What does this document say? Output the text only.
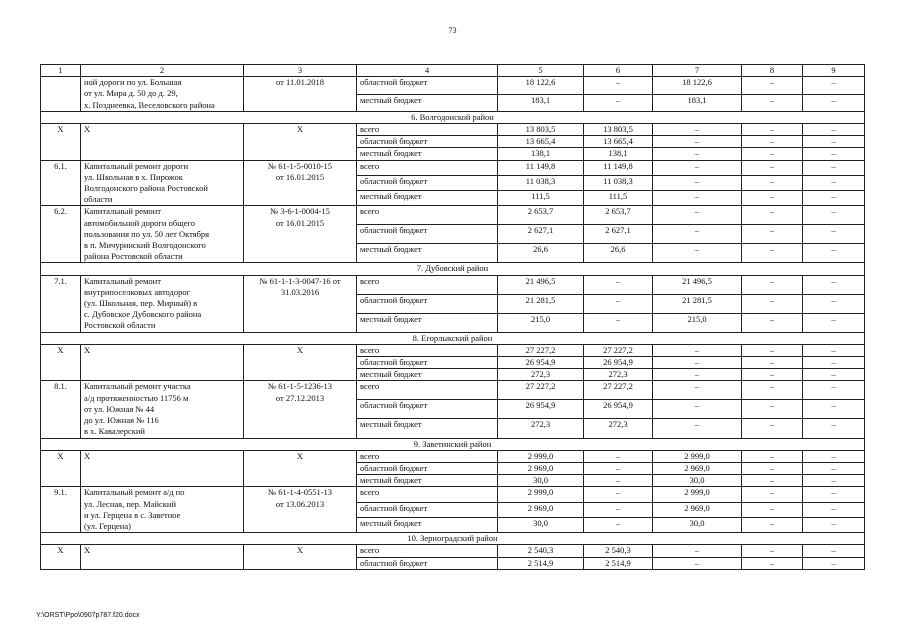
73
1	2	3	4	5	6	7	8	9

	ной дороги по ул. Большая
от ул. Мира д. 50 до д. 29,
х. Позднеевка, Веселовского района	от 11.01.2018	областной бюджет	18 122,6	–	18 122,6	–	–
			местный бюджет	183,1	–	183,1	–	–
6. Волгодонской район								
Х	Х	Х	всего	13 803,5	13 803,5	–	–	–
			областной бюджет	13 665,4	13 665,4	–	–	–
			местный бюджет	138,1	138,1	–	–	–
6.1.	Капитальный ремонт дороги
ул. Школьная в х. Пирожок
Волгодонского района Ростовской
области	№ 61-1-5-0010-15
от 16.01.2015	всего	11 149,8	11 149,8	–	–	–
			областной бюджет	11 038,3	11 038,3	–	–	–
			местный бюджет	111,5	111,5	–	–	–
6.2.	Капитальный ремонт
автомобильной дороги общего
пользования по ул. 50 лет Октября
в п. Мичуринский Волгодонского
района Ростовской области	№ 3-6-1-0004-15
от 16.01.2015	всего	2 653,7	2 653,7	–	–	–
			областной бюджет	2 627,1	2 627,1	–	–	–
			местный бюджет	26,6	26,6	–	–	–
7. Дубовский район								
7.1.	Капитальный ремонт
внутрипоселковых автодорог
(ул. Школьная, пер. Мирный) в
с. Дубовское Дубовского района
Ростовской области	№ 61-1-1-3-0047-16 от
31.03.2016	всего	21 496,5	–	21 496,5	–	–
			областной бюджет	21 281,5	–	21 281,5	–	–
			местный бюджет	215,0	–	215,0	–	–
8. Егорлыкский район								
Х	Х	Х	всего	27 227,2	27 227,2	–	–	–
			областной бюджет	26 954,9	26 954,9	–	–	–
			местный бюджет	272,3	272,3	–	–	–
8.1.	Капитальный ремонт участка
а/д протяженностью 11756 м
от ул. Южная № 44
до ул. Южная № 116
в х. Кавалерский	№ 61-1-5-1236-13
от 27.12.2013	всего	27 227,2	27 227,2	–	–	–
			областной бюджет	26 954,9	26 954,9	–	–	–
			местный бюджет	272,3	272,3	–	–	–
9. Заветинский район								
Х	Х	Х	всего	2 999,0	–	2 999,0	–	–
			областной бюджет	2 969,0	–	2 969,0	–	–
			местный бюджет	30,0	–	30,0	–	–
9.1.	Капитальный ремонт а/д по
ул. Лесная, пер. Майский
и ул. Герцена в с. Заветное
(ул. Герцена)	№ 61-1-4-0551-13
от 13.06.2013	всего	2 999,0	–	2 999,0	–	–
			областной бюджет	2 969,0	–	2 969,0	–	–
			местный бюджет	30,0	–	30,0	–	–
10. Зерноградский район								
Х	Х	Х	всего	2 540,3	2 540,3	–	–	–
			областной бюджет	2 514,9	2 514,9	–	–	–
Y:\ORST\Ppo\0907p787.f20.docx
